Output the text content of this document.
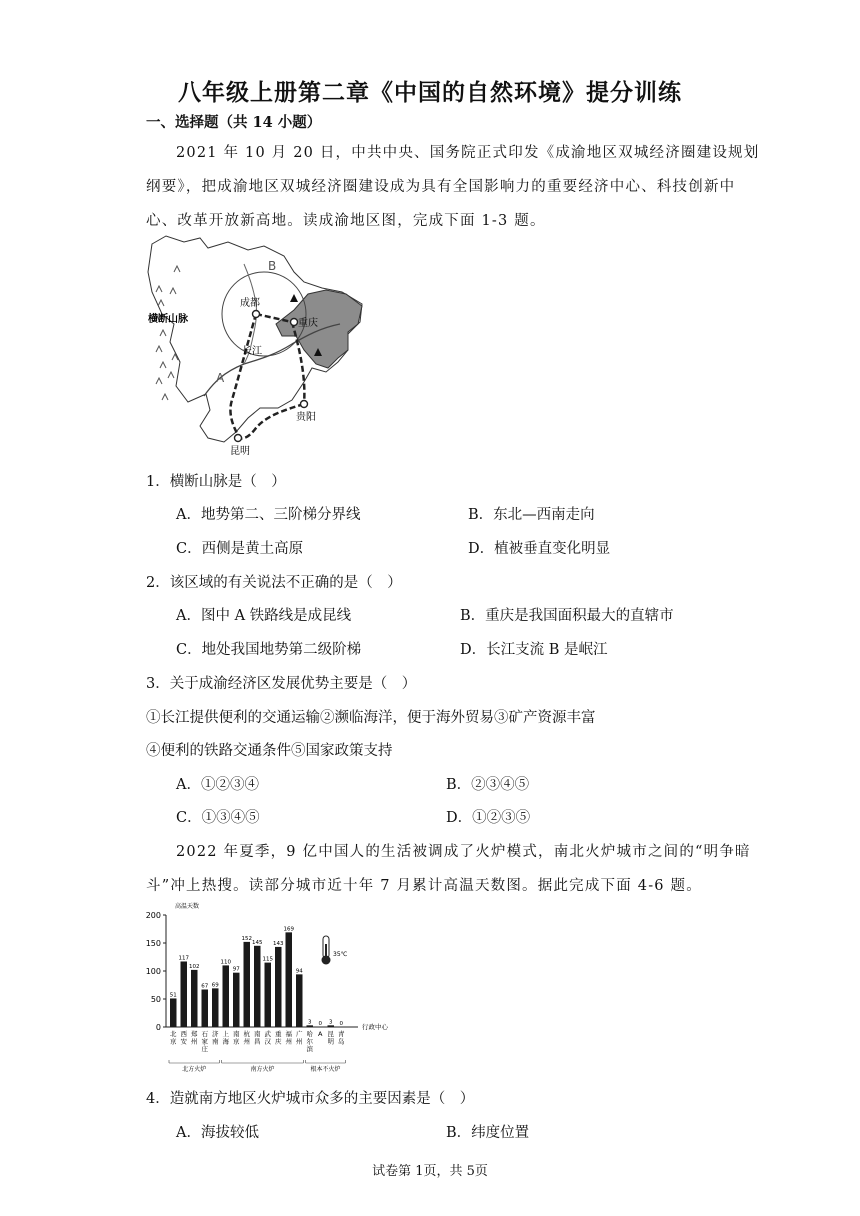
八年级上册第二章《中国的自然环境》提分训练
一、选择题（共 14 小题）
2021 年 10 月 20 日，中共中央、国务院正式印发《成渝地区双城经济圈建设规划
纲要》，把成渝地区双城经济圈建设成为具有全国影响力的重要经济中心、科技创新中
心、改革开放新高地。读成渝地区图，完成下面 1-3 题。
横断山脉
成都
重庆
长江
贵阳
昆明
A
B
1．横断山脉是（　）
A．地势第二、三阶梯分界线	B．东北—西南走向
C．西侧是黄土高原	D．植被垂直变化明显
2．该区域的有关说法不正确的是（　）
A．图中 A 铁路线是成昆线	B．重庆是我国面积最大的直辖市
C．地处我国地势第二级阶梯	D．长江支流 B 是岷江
3．关于成渝经济区发展优势主要是（　）
①长江提供便利的交通运输②濒临海洋，便于海外贸易③矿产资源丰富
④便利的铁路交通条件⑤国家政策支持
A．①②③④	B．②③④⑤
C．①③④⑤	D．①②③⑤
2022 年夏季，9 亿中国人的生活被调成了火炉模式，南北火炉城市之间的“明争暗
斗”冲上热搜。读部分城市近十年 7 月累计高温天数图。据此完成下面 4-6 题。
0
50
100
150
200
51
117
102
67 69
110
97
152
145
115
143
169
94
3 0 3 0
北京
西安
郑州
石家庄
济南
上海
南京
杭州
南昌
武汉
重庆
福州
广州
哈尔滨
A 昆明
青岛
高温天数
行政中心
35℃
北方火炉	南方火炉	根本不火炉
4．造就南方地区火炉城市众多的主要因素是（　）
A．海拔较低	B．纬度位置
试卷第 1页，共 5页
